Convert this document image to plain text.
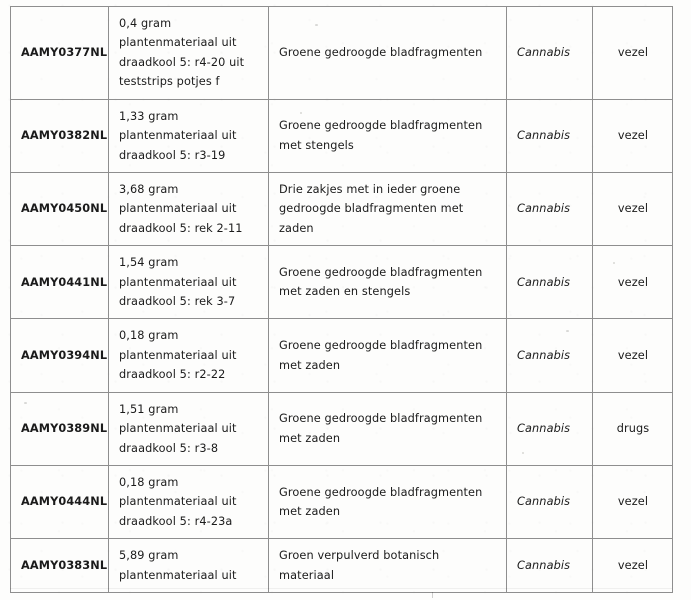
AAMY0377NL	0,4 gram
plantenmateriaal uit
draadkool 5: r4-20 uit
teststrips potjes f	Groene gedroogde bladfragmenten	Cannabis	vezel

AAMY0382NL	1,33 gram
plantenmateriaal uit
draadkool 5: r3-19	Groene gedroogde bladfragmenten
met stengels	Cannabis	vezel

AAMY0450NL	3,68 gram
plantenmateriaal uit
draadkool 5: rek 2-11	Drie zakjes met in ieder groene
gedroogde bladfragmenten met
zaden	Cannabis	vezel

AAMY0441NL	1,54 gram
plantenmateriaal uit
draadkool 5: rek 3-7	Groene gedroogde bladfragmenten
met zaden en stengels	Cannabis	vezel

AAMY0394NL	0,18 gram
plantenmateriaal uit
draadkool 5: r2-22	Groene gedroogde bladfragmenten
met zaden	Cannabis	vezel

AAMY0389NL	1,51 gram
plantenmateriaal uit
draadkool 5: r3-8	Groene gedroogde bladfragmenten
met zaden	Cannabis	drugs

AAMY0444NL	0,18 gram
plantenmateriaal uit
draadkool 5: r4-23a	Groene gedroogde bladfragmenten
met zaden	Cannabis	vezel

AAMY0383NL	5,89 gram
plantenmateriaal uit	Groen verpulverd botanisch
materiaal	Cannabis	vezel
